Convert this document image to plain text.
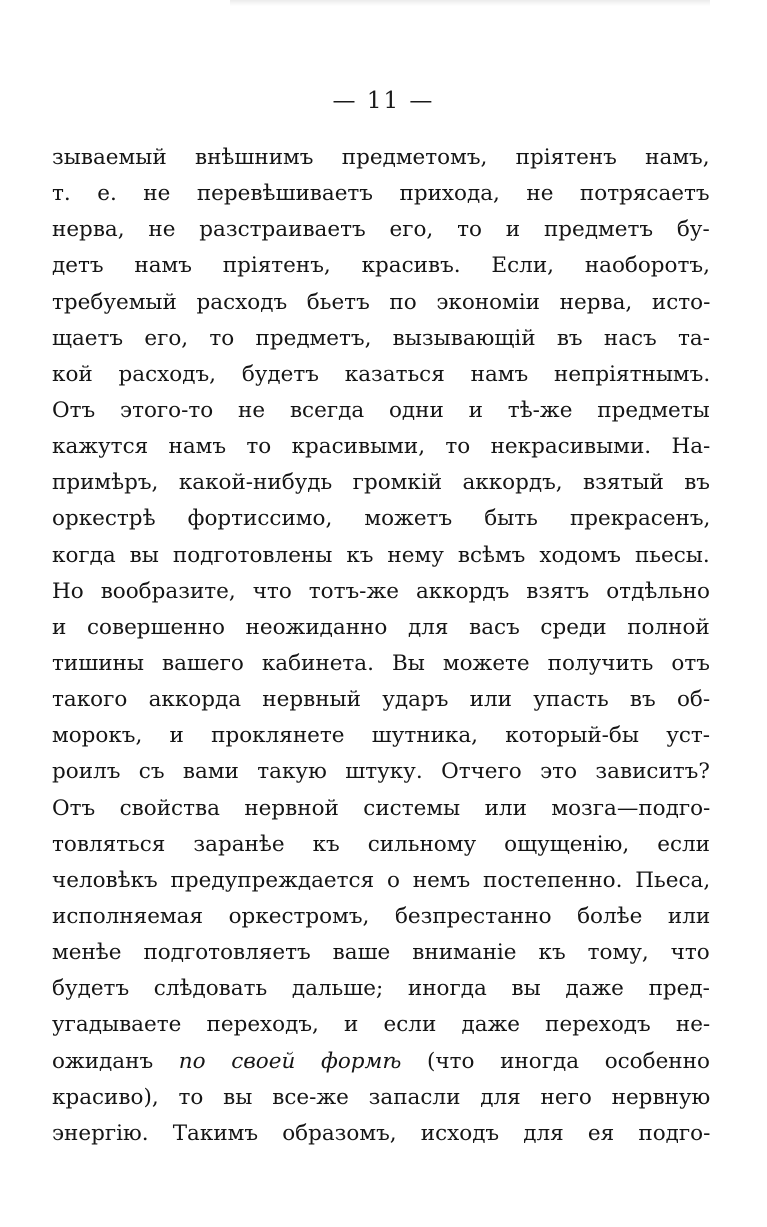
— 11 —
зываемый внѣшнимъ предметомъ, пріятенъ намъ,
т. е. не перевѣшиваетъ прихода, не потрясаетъ
нерва, не разстраиваетъ его, то и предметъ бу-
детъ намъ пріятенъ, красивъ. Если, наоборотъ,
требуемый расходъ бьетъ по экономіи нерва, исто-
щаетъ его, то предметъ, вызывающій въ насъ та-
кой расходъ, будетъ казаться намъ непріятнымъ.
Отъ этого-то не всегда одни и тѣ-же предметы
кажутся намъ то красивыми, то некрасивыми. На-
примѣръ, какой-нибудь громкій аккордъ, взятый въ
оркестрѣ фортиссимо, можетъ быть прекрасенъ,
когда вы подготовлены къ нему всѣмъ ходомъ пьесы.
Но вообразите, что тотъ-же аккордъ взятъ отдѣльно
и совершенно неожиданно для васъ среди полной
тишины вашего кабинета. Вы можете получить отъ
такого аккорда нервный ударъ или упасть въ об-
морокъ, и проклянете шутника, который-бы уст-
роилъ съ вами такую штуку. Отчего это зависитъ?
Отъ свойства нервной системы или мозга—подго-
товляться заранѣе къ сильному ощущенію, если
человѣкъ предупреждается о немъ постепенно. Пьеса,
исполняемая оркестромъ, безпрестанно болѣе или
менѣе подготовляетъ ваше вниманіе къ тому, что
будетъ слѣдовать дальше; иногда вы даже пред-
угадываете переходъ, и если даже переходъ не-
ожиданъ по своей формѣ (что иногда особенно
красиво), то вы все-же запасли для него нервную
энергію. Такимъ образомъ, исходъ для ея подго-
